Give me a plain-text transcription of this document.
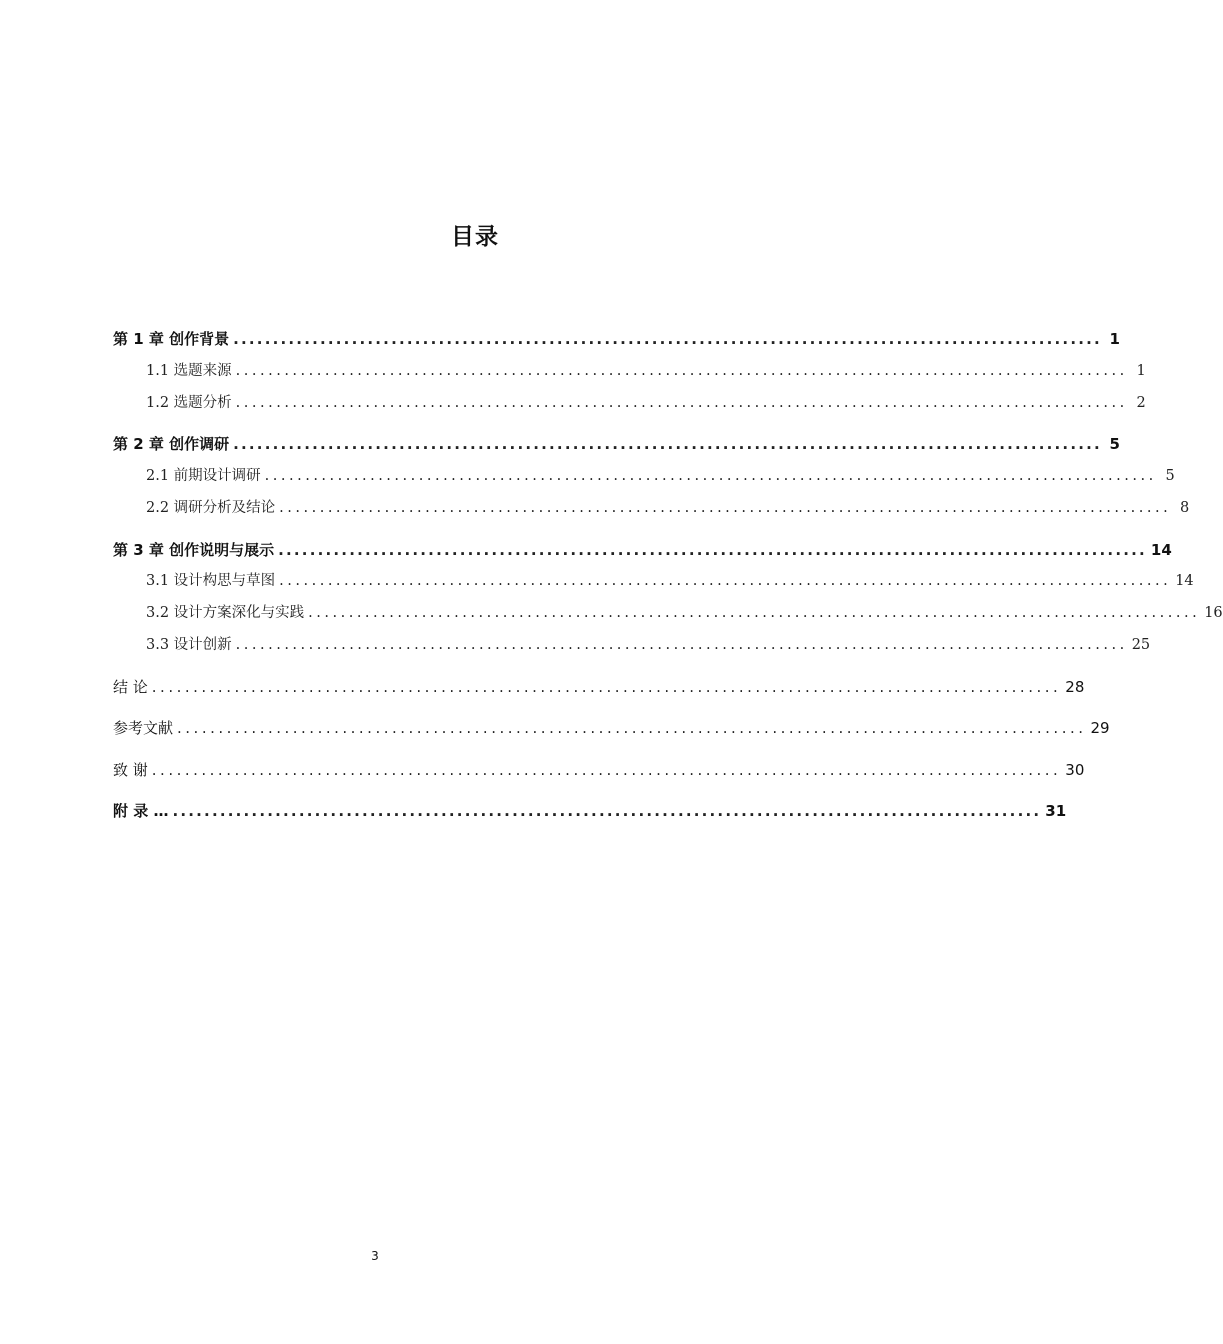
目录
第 1 章 创作背景 .............................................................................................................. 1
1.1 选题来源 .............................................................................................................. 1
1.2 选题分析 .............................................................................................................. 2
第 2 章 创作调研 .............................................................................................................. 5
2.1 前期设计调研 .............................................................................................................. 5
2.2 调研分析及结论 .............................................................................................................. 8
第 3 章 创作说明与展示 .............................................................................................................. 14
3.1 设计构思与草图 .............................................................................................................. 14
3.2 设计方案深化与实践 .............................................................................................................. 16
3.3 设计创新 .............................................................................................................. 25
结 论 .............................................................................................................. 28
参考文献 .............................................................................................................. 29
致 谢 .............................................................................................................. 30
附 录 … .............................................................................................................. 31
3
